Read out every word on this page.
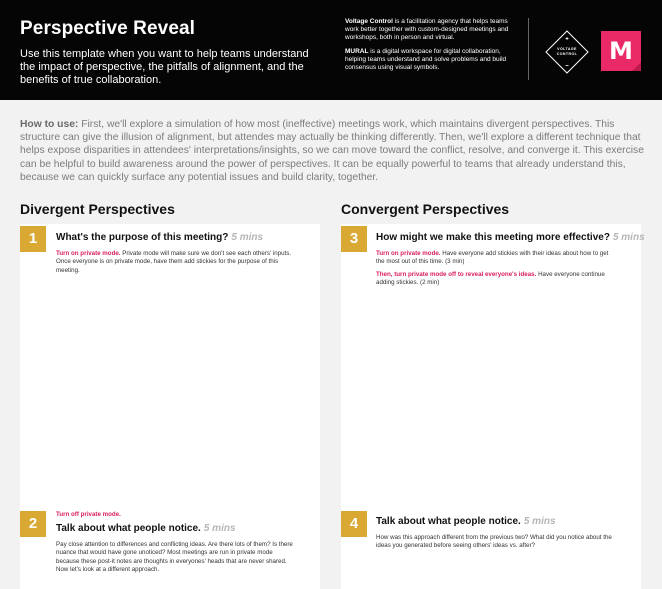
Perspective Reveal
Use this template when you want to help teams understand the impact of perspective, the pitfalls of alignment, and the benefits of true collaboration.

Voltage Control is a facilitation agency that helps teams work better together with custom-designed meetings and workshops, both in person and virtual.

MURAL is a digital workspace for digital collaboration, helping teams understand and solve problems and build consensus using visual symbols.

VOLTAGE
CONTROL	M
How to use: First, we'll explore a simulation of how most (ineffective) meetings work, which maintains divergent perspectives. This structure can give the illusion of alignment, but attendes may actually be thinking differently. Then, we'll explore a different technique that helps expose disparities in attendees' interpretations/insights, so we can move toward the conflict, resolve, and converge it. This exercise can be helpful to build awareness around the power of perspectives. It can be equally powerful to teams that already understand this, because we can quickly surface any potential issues and build clarity, together.
Divergent Perspectives	Convergent Perspectives
1	What's the purpose of this meeting? 5 mins
Turn on private mode. Private mode will make sure we don't see each others' inputs. Once everyone is on private mode, have them add stickies for the purpose of this meeting.
3	How might we make this meeting more effective? 5 mins
Turn on private mode. Have everyone add stickies with their ideas about how to get the most out of this time. (3 min)
Then, turn private mode off to reveal everyone's ideas. Have everyone continue adding stickies. (2 min)
2
Turn off private mode.
Talk about what people notice. 5 mins
Pay close attention to differences and conflicting ideas. Are there lots of them? Is there nuance that would have gone unoticed? Most meetings are run in private mode because these post-it notes are thoughts in everyones' heads that are never shared. Now let's look at a different approach.
4	Talk about what people notice. 5 mins
How was this approach different from the previous two? What did you notice about the ideas you generated before seeing others' ideas vs. after?
